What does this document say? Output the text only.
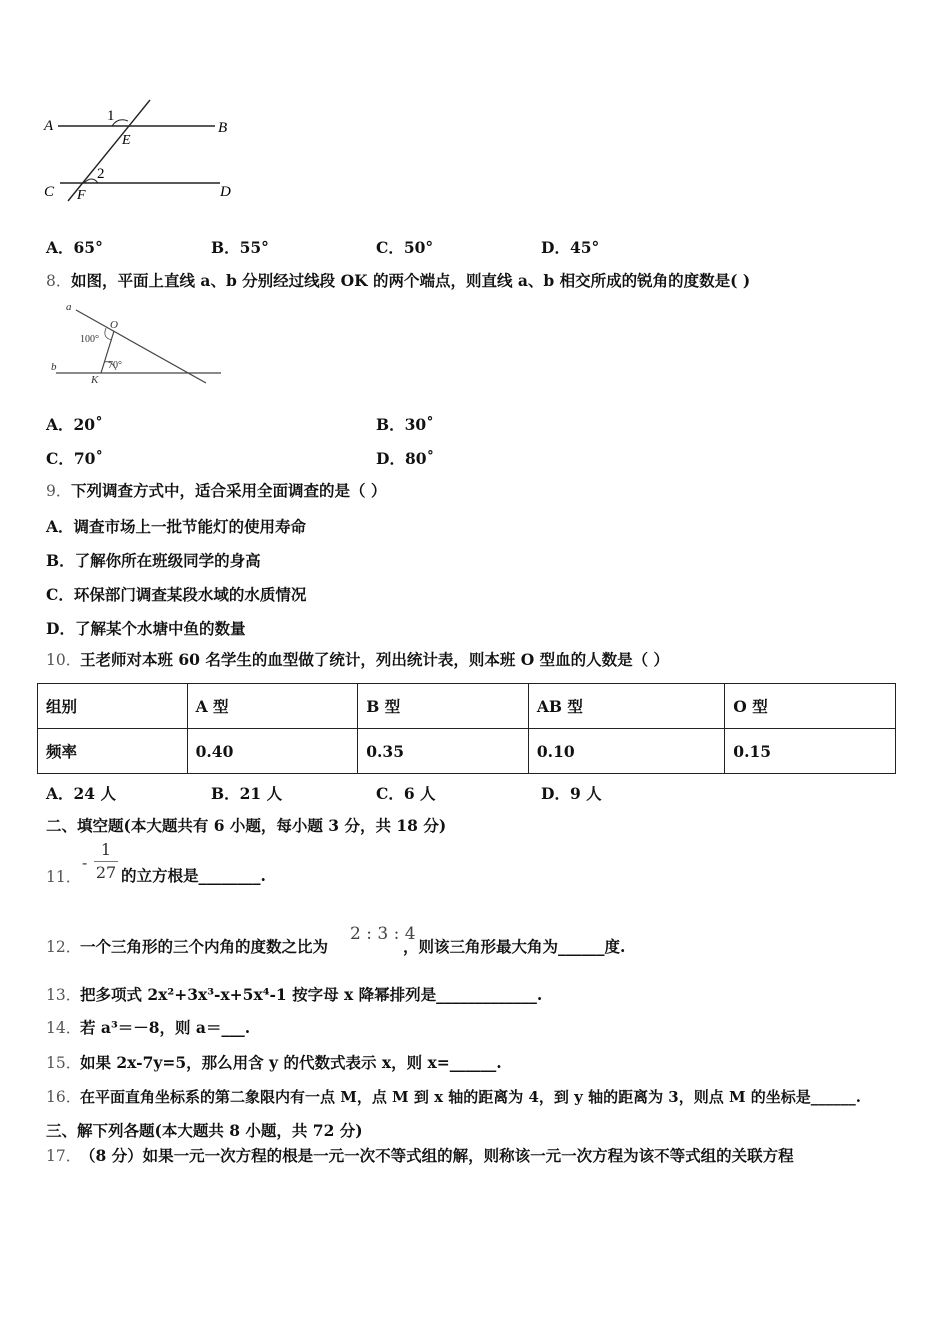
A	B
C	D
E
F
1
2
A．65°	B．55°	C．50°	D．45°
8． 如图，平面上直线 a、b 分别经过线段 OK 的两个端点，则直线 a、b 相交所成的锐角的度数是( )
a
b
O
K
100°
70°
A．20˚	B．30˚
C．70˚	D．80˚
9． 下列调查方式中，适合采用全面调查的是（ ）
A．调查市场上一批节能灯的使用寿命
B．了解你所在班级同学的身高
C．环保部门调查某段水域的水质情况
D．了解某个水塘中鱼的数量
10．
王老师对本班 60 名学生的血型做了统计，列出统计表，则本班 O 型血的人数是（ ）
组别	A 型	B 型	AB 型	O 型
频率	0.40	0.35	0.10	0.15
A．24 人	B．21 人	C．6 人	D．9 人
二、填空题(本大题共有 6 小题，每小题 3 分，共 18 分)
11．
-
1
27 的立方根是________.
12．
一个三角形的三个内角的度数之比为
2 : 3 : 4
，则该三角形最大角为______度.
13．
把多项式 2x²+3x³-x+5x⁴-1 按字母 x 降幂排列是_____________.
14．
若 a³＝－8，则 a＝___.
15．
如果 2x-7y=5，那么用含 y 的代数式表示 x，则 x=______.
16．
在平面直角坐标系的第二象限内有一点 M，点 M 到 x 轴的距离为 4，到 y 轴的距离为 3，则点 M 的坐标是______.
三、解下列各题(本大题共 8 小题，共 72 分)
17．
（8 分）如果一元一次方程的根是一元一次不等式组的解，则称该一元一次方程为该不等式组的关联方程
